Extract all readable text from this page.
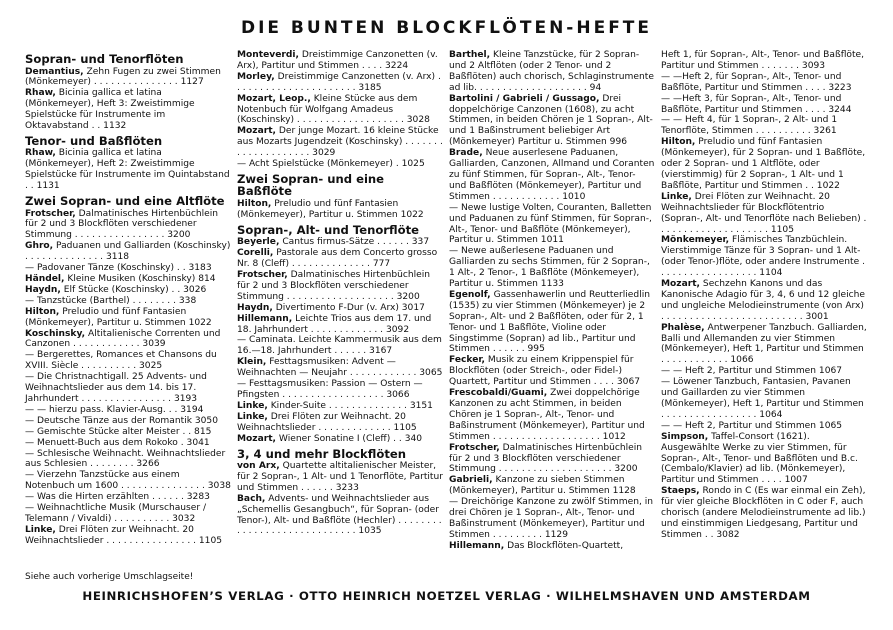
DIE BUNTEN BLOCKFLÖTEN-HEFTE
Sopran- und Tenorflöten
Demantius, Zehn Fugen zu zwei Stimmen (Mönkemeyer) . . . . . . . . . . . . . . . 1127
Rhaw, Bicinia gallica et latina (Mönkemeyer), Heft 3: Zweistimmige Spielstücke für Instrumente im Oktavabstand . . 1132
Tenor- und Baßflöten
Rhaw, Bicinia gallica et latina (Mönkemeyer), Heft 2: Zweistimmige Spielstücke für Instrumente im Quintabstand . . 1131
Zwei Sopran- und eine Altflöte
Frotscher, Dalmatinisches Hirtenbüchlein für 2 und 3 Blockflöten verschiedener Stimmung . . . . . . . . . . . . . . . . 3200
Ghro, Paduanen und Galliarden (Koschinsky) . . . . . . . . . . . . . . 3118
— Padovaner Tänze (Koschinsky) . . 3183
Händel, Kleine Musiken (Koschinsky) 814
Haydn, Elf Stücke (Koschinsky) . . 3026
— Tanzstücke (Barthel) . . . . . . . . 338
Hilton, Preludio und fünf Fantasien (Mönkemeyer), Partitur u. Stimmen 1022
Koschinsky, Altitalienische Correnten und Canzonen . . . . . . . . . . . . 3039
— Bergerettes, Romances et Chansons du XVIII. Siècle . . . . . . . . . . 3025
— Die Christnachtigall. 25 Advents- und Weihnachtslieder aus dem 14. bis 17. Jahrhundert . . . . . . . . . . . . . . . . 3193
— — hierzu pass. Klavier-Ausg. . . 3194
— Deutsche Tänze aus der Romantik 3050
— Gemischte Stücke alter Meister . . 815
— Menuett-Buch aus dem Rokoko . 3041
— Schlesische Weihnacht. Weihnachtslieder aus Schlesien . . . . . . . . 3266
— Vierzehn Tanzstücke aus einem Notenbuch um 1600 . . . . . . . . . . . . . . . 3038
— Was die Hirten erzählten . . . . . . 3283
— Weihnachtliche Musik (Murschauser / Telemann / Vivaldi) . . . . . . . . . . 3032
Linke, Drei Flöten zur Weihnacht. 20 Weihnachtslieder . . . . . . . . . . . . . . . . 1105
Monteverdi, Dreistimmige Canzonetten (v. Arx), Partitur und Stimmen . . . . 3224
Morley, Dreistimmige Canzonetten (v. Arx) . . . . . . . . . . . . . . . . . . . . . . 3185
Mozart, Leop., Kleine Stücke aus dem Notenbuch für Wolfgang Amadeus (Koschinsky) . . . . . . . . . . . . . . . . . . . 3028
Mozart, Der junge Mozart. 16 kleine Stücke aus Mozarts Jugendzeit (Koschinsky) . . . . . . . . . . . . . . . . . . . . 3029
— Acht Spielstücke (Mönkemeyer) . 1025
Zwei Sopran- und eine Baßflöte
Hilton, Preludio und fünf Fantasien (Mönkemeyer), Partitur u. Stimmen 1022
Sopran-, Alt- und Tenorflöte
Beyerle, Cantus firmus-Sätze . . . . . . 337
Corelli, Pastorale aus dem Concerto grosso Nr. 8 (Cleff) . . . . . . . . . . . . . . 777
Frotscher, Dalmatinisches Hirtenbüchlein für 2 und 3 Blockflöten verschiedener Stimmung . . . . . . . . . . . . . . . . . . . 3200
Haydn, Divertimento F-Dur (v. Arx) 3017
Hillemann, Leichte Trios aus dem 17. und 18. Jahrhundert . . . . . . . . . . . . . 3092
— Caminata. Leichte Kammermusik aus dem 16.—18. Jahrhundert . . . . . . 3167
Klein, Festtagsmusiken: Advent — Weihnachten — Neujahr . . . . . . . . . . . . 3065
— Festtagsmusiken: Passion — Ostern — Pfingsten . . . . . . . . . . . . . . . . . . 3066
Linke, Kinder-Suite . . . . . . . . . . . . . . 3151
Linke, Drei Flöten zur Weihnacht. 20 Weihnachtslieder . . . . . . . . . . . . . 1105
Mozart, Wiener Sonatine I (Cleff) . . 340
3, 4 und mehr Blockflöten
von Arx, Quartette altitalienischer Meister, für 2 Sopran-, 1 Alt- und 1 Tenorflöte, Partitur und Stimmen . . . . . . 3233
Bach, Advents- und Weihnachtslieder aus „Schemellis Gesangbuch“, für Sopran- (oder Tenor-), Alt- und Baßflöte (Hechler) . . . . . . . . . . . . . . . . . . . . . . . . . . . . . 1035
Barthel, Kleine Tanzstücke, für 2 Sopran- und 2 Altflöten (oder 2 Tenor- und 2 Baßflöten) auch chorisch, Schlaginstrumente ad lib. . . . . . . . . . . . . . . . . . . . 94
Bartolini / Gabrieli / Gussago, Drei doppelchörige Canzonen (1608), zu acht Stimmen, in beiden Chören je 1 Sopran-, Alt- und 1 Baßinstrument beliebiger Art (Mönkemeyer) Partitur u. Stimmen 996
Brade, Neue auserlesene Paduanen, Galliarden, Canzonen, Allmand und Coranten zu fünf Stimmen, für Sopran-, Alt-, Tenor- und Baßflöten (Mönkemeyer), Partitur und Stimmen . . . . . . . . . . . . 1010
— Newe lustige Volten, Couranten, Balletten und Paduanen zu fünf Stimmen, für Sopran-, Alt-, Tenor- und Baßflöte (Mönkemeyer), Partitur u. Stimmen 1011
— Newe außerlesene Paduanen und Galliarden zu sechs Stimmen, für 2 Sopran-, 1 Alt-, 2 Tenor-, 1 Baßflöte (Mönkemeyer), Partitur u. Stimmen 1133
Egenolf, Gassenhawerlin und Reutterliedlin (1535) zu vier Stimmen (Mönkemeyer) je 2 Sopran-, Alt- und 2 Baßflöten, oder für 2, 1 Tenor- und 1 Baßflöte, Violine oder Singstimme (Sopran) ad lib., Partitur und Stimmen . . . . . . 995
Fecker, Musik zu einem Krippenspiel für Blockflöten (oder Streich-, oder Fidel-) Quartett, Partitur und Stimmen . . . . 3067
Frescobaldi/Guami, Zwei doppelchörige Kanzonen zu acht Stimmen, in beiden Chören je 1 Sopran-, Alt-, Tenor- und Baßinstrument (Mönkemeyer), Partitur und Stimmen . . . . . . . . . . . . . . . . . . . 1012
Frotscher, Dalmatinisches Hirtenbüchlein für 2 und 3 Blockflöten verschiedener Stimmung . . . . . . . . . . . . . . . . . . . . 3200
Gabrieli, Kanzone zu sieben Stimmen (Mönkemeyer), Partitur u. Stimmen 1128
— Dreichörige Kanzone zu zwölf Stimmen, in drei Chören je 1 Sopran-, Alt-, Tenor- und Baßinstrument (Mönkemeyer), Partitur und Stimmen . . . . . . . . . 1129
Hillemann, Das Blockflöten-Quartett,
Heft 1, für Sopran-, Alt-, Tenor- und Baßflöte, Partitur und Stimmen . . . . . . . 3093
— —Heft 2, für Sopran-, Alt-, Tenor- und Baßflöte, Partitur und Stimmen . . . . 3223
— —Heft 3, für Sopran-, Alt-, Tenor- und Baßflöte, Partitur und Stimmen . . . . 3244
— — Heft 4, für 1 Sopran-, 2 Alt- und 1 Tenorflöte, Stimmen . . . . . . . . . . 3261
Hilton, Preludio und fünf Fantasien (Mönkemeyer), für 2 Sopran- und 1 Baßflöte, oder 2 Sopran- und 1 Altflöte, oder (vierstimmig) für 2 Sopran-, 1 Alt- und 1 Baßflöte, Partitur und Stimmen . . 1022
Linke, Drei Flöten zur Weihnacht. 20 Weihnachtslieder für Blockflötentrio (Sopran-, Alt- und Tenorflöte nach Belieben) . . . . . . . . . . . . . . . . . . . . 1105
Mönkemeyer, Flämisches Tanzbüchlein. Vierstimmige Tänze für 3 Sopran- und 1 Alt- (oder Tenor-)flöte, oder andere Instrumente . . . . . . . . . . . . . . . . . . 1104
Mozart, Sechzehn Kanons und das Kanonische Adagio für 3, 4, 6 und 12 gleiche und ungleiche Melodieinstrumente (von Arx) . . . . . . . . . . . . . . . . . . . . . . . . . 3001
Phalèse, Antwerpener Tanzbuch. Galliarden, Balli und Allemanden zu vier Stimmen (Mönkemeyer), Heft 1, Partitur und Stimmen . . . . . . . . . . . . 1066
— — Heft 2, Partitur und Stimmen 1067
— Löwener Tanzbuch, Fantasien, Pavanen und Gaillarden zu vier Stimmen (Mönkemeyer), Heft 1, Partitur und Stimmen . . . . . . . . . . . . . . . . . 1064
— — Heft 2, Partitur und Stimmen 1065
Simpson, Taffel-Consort (1621). Ausgewählte Werke zu vier Stimmen, für Sopran-, Alt-, Tenor- und Baßflöten und B.c. (Cembalo/Klavier) ad lib. (Mönkemeyer), Partitur und Stimmen . . . . 1007
Staeps, Rondo in C (Es war einmal ein Zeh), für vier gleiche Blockflöten in C oder F, auch chorisch (andere Melodieinstrumente ad lib.) und einstimmigen Liedgesang, Partitur und Stimmen . . 3082
Siehe auch vorherige Umschlagseite!
HEINRICHSHOFEN’S VERLAG · OTTO HEINRICH NOETZEL VERLAG · WILHELMSHAVEN UND AMSTERDAM
